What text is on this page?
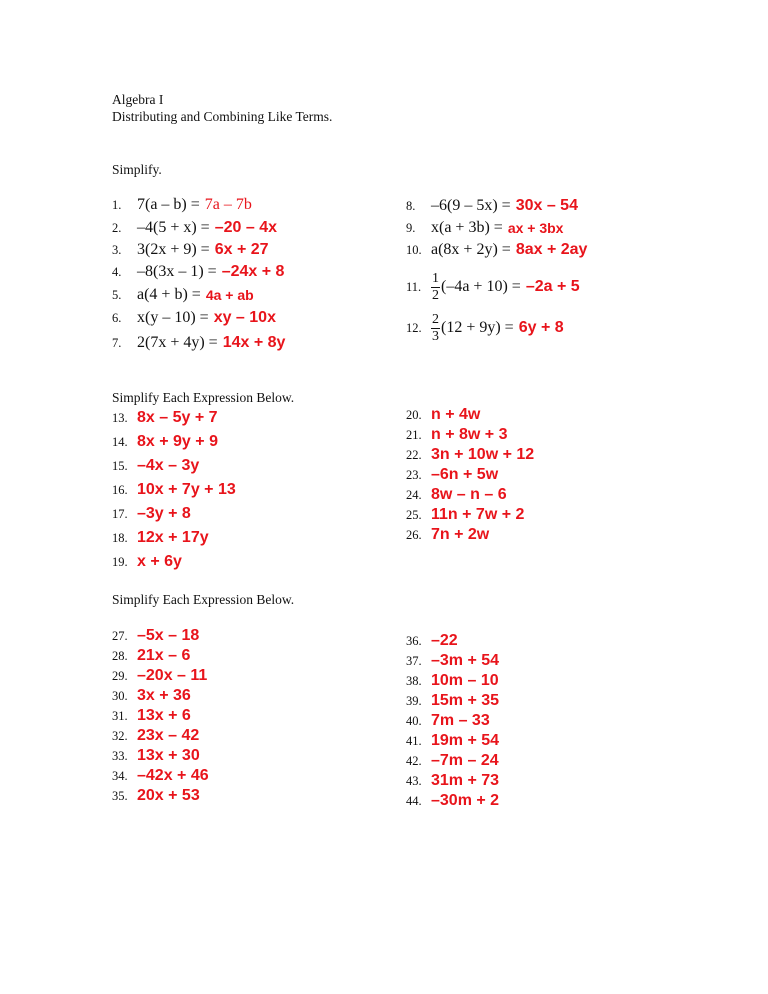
Algebra I
Distributing and Combining Like Terms.
Simplify.
1. 7(a – b) = 7a – 7b
2. –4(5 + x) = –20 – 4x
3. 3(2x + 9) = 6x + 27
4. –8(3x – 1) = –24x + 8
5. a(4 + b) = 4a + ab
6. x(y – 10) = xy – 10x
7. 2(7x + 4y) = 14x + 8y
8. –6(9 – 5x) = 30x – 54
9. x(a + 3b) = ax + 3bx
10. a(8x + 2y) = 8ax + 2ay
11. $\frac{1}{2} (-4a + 10) = -2a + 5$
12. $\frac{2}{3} (12 + 9y) = 6y + 8$
Simplify Each Expression Below.
13. 8x – 5y + 7
14. 8x + 9y + 9
15. –4x – 3y
16. 10x + 7y + 13
17. –3y + 8
18. 12x + 17y
19. x + 6y
20. n + 4w
21. n + 8w + 3
22. 3n + 10w + 12
23. –6n + 5w
24. 8w – n – 6
25. 11n + 7w + 2
26. 7n + 2w
Simplify Each Expression Below.
27. –5x – 18
28. 21x – 6
29. –20x – 11
30. 3x + 36
31. 13x + 6
32. 23x – 42
33. 13x + 30
34. –42x + 46
35. 20x + 53
36. –22
37. –3m + 54
38. 10m – 10
39. 15m + 35
40. 7m – 33
41. 19m + 54
42. –7m – 24
43. 31m + 73
44. –30m + 2
